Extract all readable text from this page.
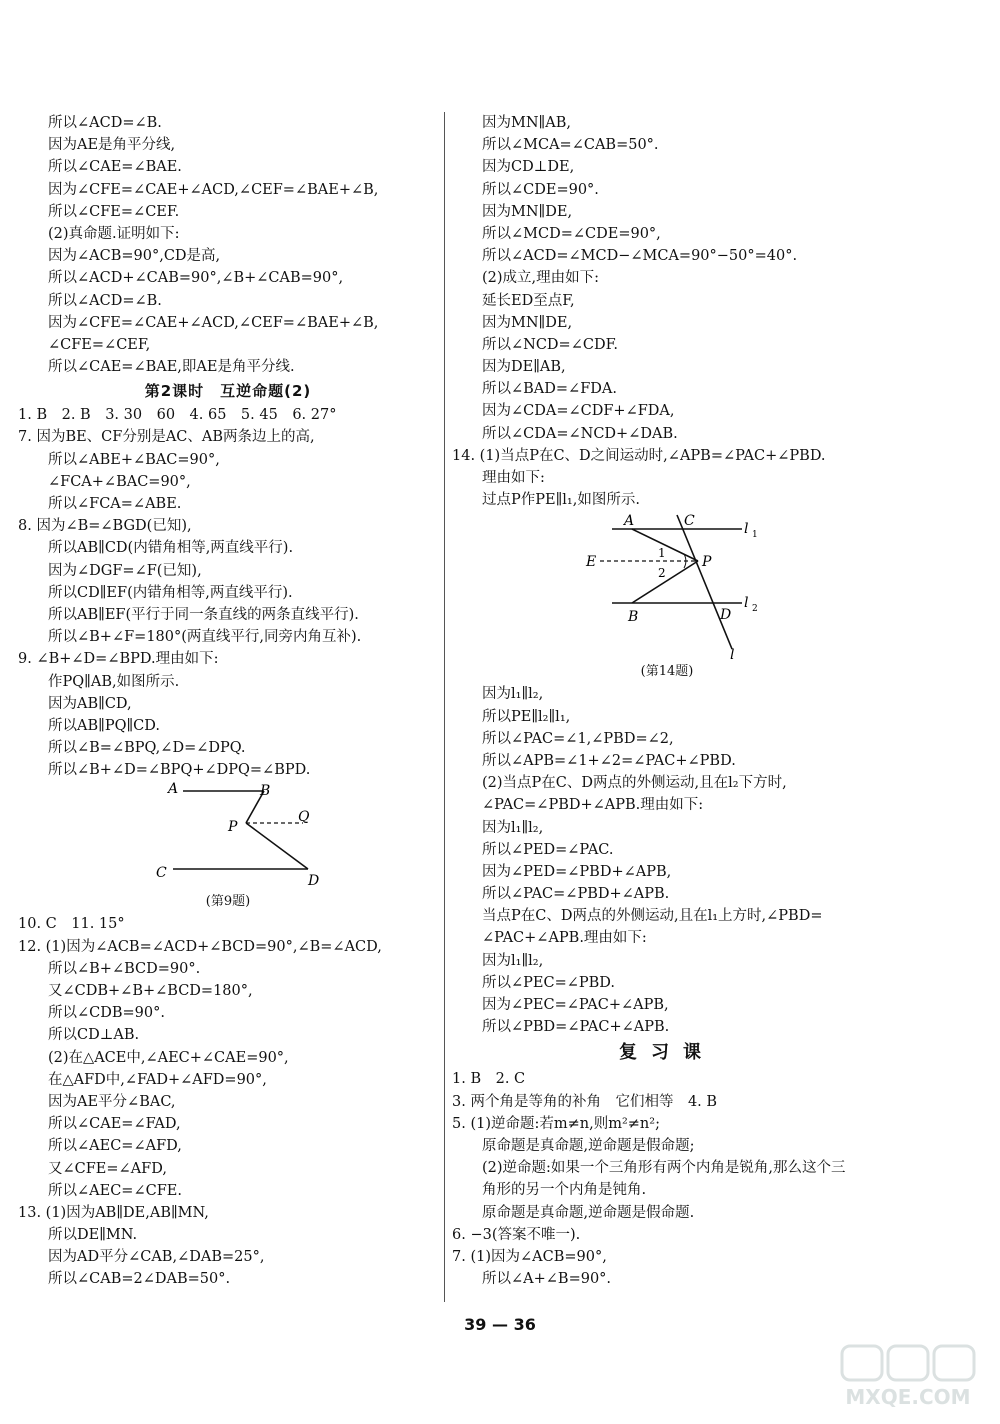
所以∠ACD=∠B.
因为AE是角平分线,
所以∠CAE=∠BAE.
因为∠CFE=∠CAE+∠ACD,∠CEF=∠BAE+∠B,
所以∠CFE=∠CEF.
(2)真命题.证明如下:
因为∠ACB=90°,CD是高,
所以∠ACD+∠CAB=90°,∠B+∠CAB=90°,
所以∠ACD=∠B.
因为∠CFE=∠CAE+∠ACD,∠CEF=∠BAE+∠B,
∠CFE=∠CEF,
所以∠CAE=∠BAE,即AE是角平分线.
第2课时　互逆命题(2)
1. B　2. B　3. 30　60　4. 65　5. 45　6. 27°
7. 因为BE、CF分别是AC、AB两条边上的高,
所以∠ABE+∠BAC=90°,
∠FCA+∠BAC=90°,
所以∠FCA=∠ABE.
8. 因为∠B=∠BGD(已知),
所以AB∥CD(内错角相等,两直线平行).
因为∠DGF=∠F(已知),
所以CD∥EF(内错角相等,两直线平行).
所以AB∥EF(平行于同一条直线的两条直线平行).
所以∠B+∠F=180°(两直线平行,同旁内角互补).
9. ∠B+∠D=∠BPD.理由如下:
作PQ∥AB,如图所示.
因为AB∥CD,
所以AB∥PQ∥CD.
所以∠B=∠BPQ,∠D=∠DPQ.
所以∠B+∠D=∠BPQ+∠DPQ=∠BPD.
A	B
P
Q
C	D
(第9题)
10. C　11. 15°
12. (1)因为∠ACB=∠ACD+∠BCD=90°,∠B=∠ACD,
所以∠B+∠BCD=90°.
又∠CDB+∠B+∠BCD=180°,
所以∠CDB=90°.
所以CD⊥AB.
(2)在△ACE中,∠AEC+∠CAE=90°,
在△AFD中,∠FAD+∠AFD=90°,
因为AE平分∠BAC,
所以∠CAE=∠FAD,
所以∠AEC=∠AFD,
又∠CFE=∠AFD,
所以∠AEC=∠CFE.
13. (1)因为AB∥DE,AB∥MN,
所以DE∥MN.
因为AD平分∠CAB,∠DAB=25°,
所以∠CAB=2∠DAB=50°.
因为MN∥AB,
所以∠MCA=∠CAB=50°.
因为CD⊥DE,
所以∠CDE=90°.
因为MN∥DE,
所以∠MCD=∠CDE=90°,
所以∠ACD=∠MCD−∠MCA=90°−50°=40°.
(2)成立,理由如下:
延长ED至点F,
因为MN∥DE,
所以∠NCD=∠CDF.
因为DE∥AB,
所以∠BAD=∠FDA.
因为∠CDA=∠CDF+∠FDA,
所以∠CDA=∠NCD+∠DAB.
14. (1)当点P在C、D之间运动时,∠APB=∠PAC+∠PBD.
理由如下:
过点P作PE∥l₁,如图所示.
A	C	l 1
E	P
1
2
B	D
l 2
l
(第14题)
因为l₁∥l₂,
所以PE∥l₂∥l₁,
所以∠PAC=∠1,∠PBD=∠2,
所以∠APB=∠1+∠2=∠PAC+∠PBD.
(2)当点P在C、D两点的外侧运动,且在l₂下方时,
∠PAC=∠PBD+∠APB.理由如下:
因为l₁∥l₂,
所以∠PED=∠PAC.
因为∠PED=∠PBD+∠APB,
所以∠PAC=∠PBD+∠APB.
当点P在C、D两点的外侧运动,且在l₁上方时,∠PBD=
∠PAC+∠APB.理由如下:
因为l₁∥l₂,
所以∠PEC=∠PBD.
因为∠PEC=∠PAC+∠APB,
所以∠PBD=∠PAC+∠APB.
复习课
1. B　2. C
3. 两个角是等角的补角　它们相等　4. B
5. (1)逆命题:若m≠n,则m²≠n²;
原命题是真命题,逆命题是假命题;
(2)逆命题:如果一个三角形有两个内角是锐角,那么这个三
角形的另一个内角是钝角.
原命题是真命题,逆命题是假命题.
6. −3(答案不唯一).
7. (1)因为∠ACB=90°,
所以∠A+∠B=90°.
39 — 36
MXQE.COM
